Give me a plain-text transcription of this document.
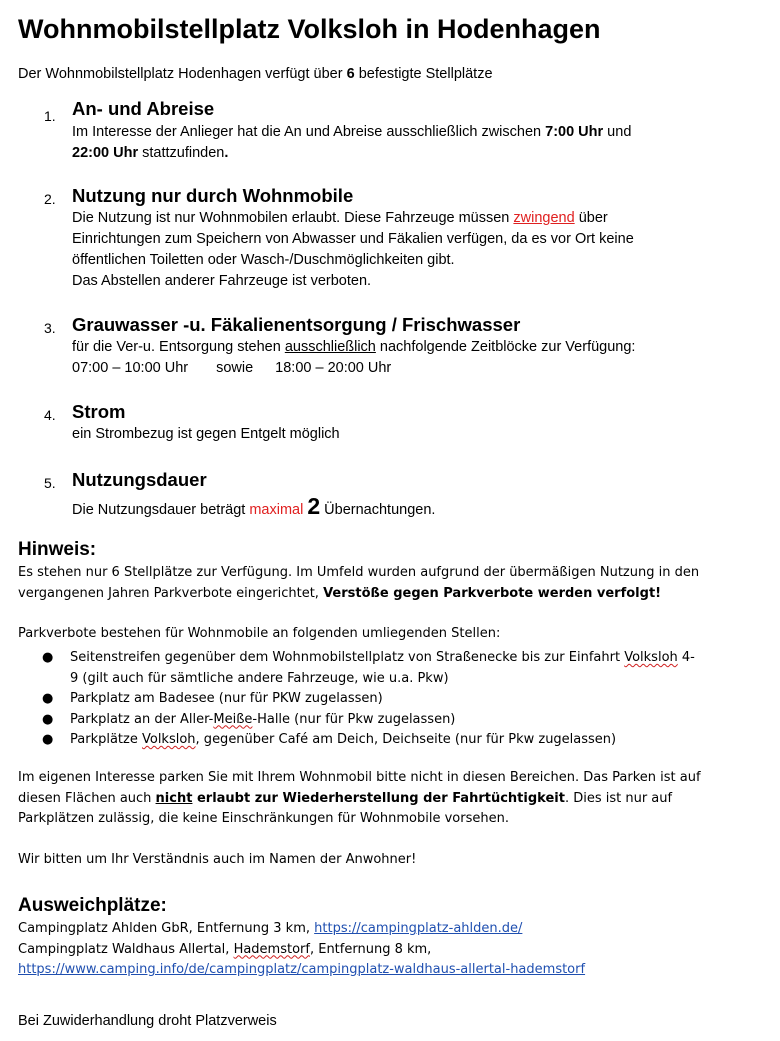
Wohnmobilstellplatz Volksloh in Hodenhagen
Der Wohnmobilstellplatz Hodenhagen verfügt über 6 befestigte Stellplätze
1. An- und Abreise
Im Interesse der Anlieger hat die An und Abreise ausschließlich zwischen 7:00 Uhr und
22:00 Uhr stattzufinden.
2. Nutzung nur durch Wohnmobile
Die Nutzung ist nur Wohnmobilen erlaubt. Diese Fahrzeuge müssen zwingend über
Einrichtungen zum Speichern von Abwasser und Fäkalien verfügen, da es vor Ort keine
öffentlichen Toiletten oder Wasch-/Duschmöglichkeiten gibt.
Das Abstellen anderer Fahrzeuge ist verboten.
3. Grauwasser -u. Fäkalienentsorgung / Frischwasser
für die Ver-u. Entsorgung stehen ausschließlich nachfolgende Zeitblöcke zur Verfügung:
07:00 – 10:00 Uhr sowie 18:00 – 20:00 Uhr
4. Strom
ein Strombezug ist gegen Entgelt möglich
5. Nutzungsdauer
Die Nutzungsdauer beträgt maximal 2 Übernachtungen.
Hinweis:
Es stehen nur 6 Stellplätze zur Verfügung. Im Umfeld wurden aufgrund der übermäßigen Nutzung in den
vergangenen Jahren Parkverbote eingerichtet, Verstöße gegen Parkverbote werden verfolgt!
Parkverbote bestehen für Wohnmobile an folgenden umliegenden Stellen:
● Seitenstreifen gegenüber dem Wohnmobilstellplatz von Straßenecke bis zur Einfahrt Volksloh 4-
9 (gilt auch für sämtliche andere Fahrzeuge, wie u.a. Pkw)
● Parkplatz am Badesee (nur für PKW zugelassen)
● Parkplatz an der Aller-Meiße-Halle (nur für Pkw zugelassen)
● Parkplätze Volksloh, gegenüber Café am Deich, Deichseite (nur für Pkw zugelassen)
Im eigenen Interesse parken Sie mit Ihrem Wohnmobil bitte nicht in diesen Bereichen. Das Parken ist auf
diesen Flächen auch nicht erlaubt zur Wiederherstellung der Fahrtüchtigkeit. Dies ist nur auf
Parkplätzen zulässig, die keine Einschränkungen für Wohnmobile vorsehen.
Wir bitten um Ihr Verständnis auch im Namen der Anwohner!
Ausweichplätze:
Campingplatz Ahlden GbR, Entfernung 3 km, https://campingplatz-ahlden.de/
Campingplatz Waldhaus Allertal, Hademstorf, Entfernung 8 km,
https://www.camping.info/de/campingplatz/campingplatz-waldhaus-allertal-hademstorf
Bei Zuwiderhandlung droht Platzverweis
